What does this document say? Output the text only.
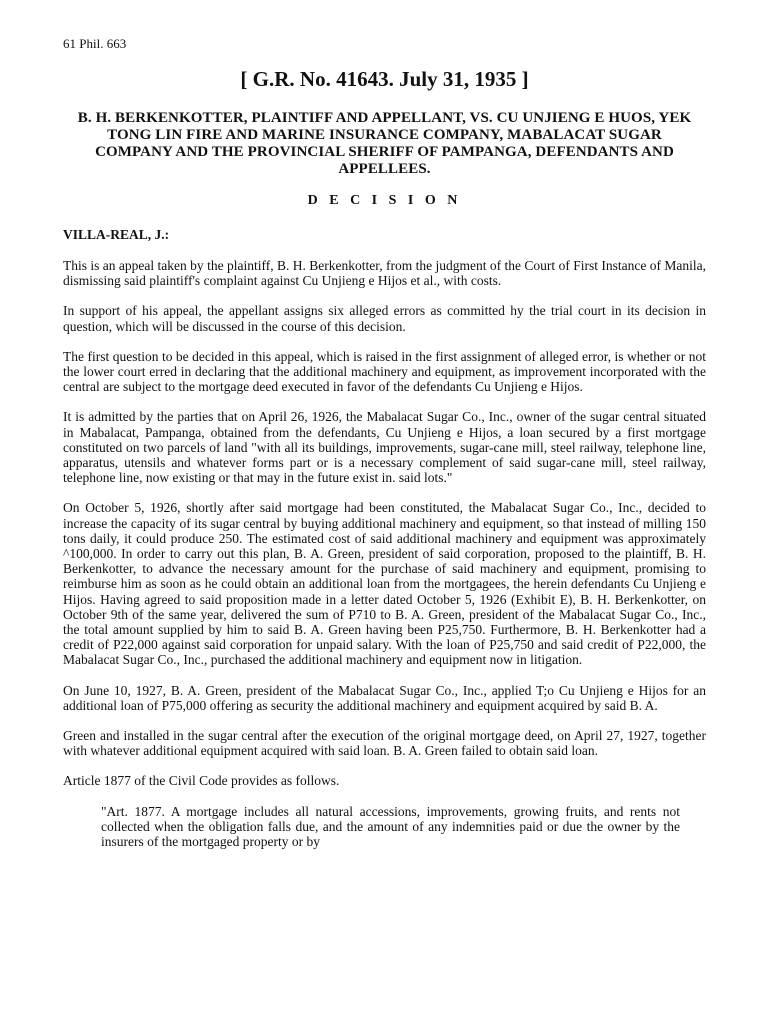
61 Phil. 663
[ G.R. No. 41643. July 31, 1935 ]
B. H. BERKENKOTTER, PLAINTIFF AND APPELLANT, VS. CU UNJIENG E HUOS, YEK TONG LIN FIRE AND MARINE INSURANCE COMPANY, MABALACAT SUGAR COMPANY AND THE PROVINCIAL SHERIFF OF PAMPANGA, DEFENDANTS AND APPELLEES.
D E C I S I O N
VILLA-REAL, J.:

This is an appeal taken by the plaintiff, B. H. Berkenkotter, from the judgment of the Court of First Instance of Manila, dismissing said plaintiff's complaint against Cu Unjieng e Hijos et al., with costs.

In support of his appeal, the appellant assigns six alleged errors as committed hy the trial court in its decision in question, which will be discussed in the course of this decision.

The first question to be decided in this appeal, which is raised in the first assignment of alleged error, is whether or not the lower court erred in declaring that the additional machinery and equipment, as improvement incorporated with the central are subject to the mortgage deed executed in favor of the defendants Cu Unjieng e Hijos.

It is admitted by the parties that on April 26, 1926, the Mabalacat Sugar Co., Inc., owner of the sugar central situated in Mabalacat, Pampanga, obtained from the defendants, Cu Unjieng e Hijos, a loan secured by a first mortgage constituted on two parcels of land "with all its buildings, improvements, sugar-cane mill, steel railway, telephone line, apparatus, utensils and whatever forms part or is a necessary complement of said sugar-cane mill, steel railway, telephone line, now existing or that may in the future exist in. said lots."

On October 5, 1926, shortly after said mortgage had been constituted, the Mabalacat Sugar Co., Inc., decided to increase the capacity of its sugar central by buying additional machinery and equipment, so that instead of milling 150 tons daily, it could produce 250. The estimated cost of said additional machinery and equipment was approximately ^100,000. In order to carry out this plan, B. A. Green, president of said corporation, proposed to the plaintiff, B. H. Berkenkotter, to advance the necessary amount for the purchase of said machinery and equipment, promising to reimburse him as soon as he could obtain an additional loan from the mortgagees, the herein defendants Cu Unjieng e Hijos. Having agreed to said proposition made in a letter dated October 5, 1926 (Exhibit E), B. H. Berkenkotter, on October 9th of the same year, delivered the sum of P710 to B. A. Green, president of the Mabalacat Sugar Co., Inc., the total amount supplied by him to said B. A. Green having been P25,750. Furthermore, B. H. Berkenkotter had a credit of P22,000 against said corporation for unpaid salary. With the loan of P25,750 and said credit of P22,000, the Mabalacat Sugar Co., Inc., purchased the additional machinery and equipment now in litigation.

On June 10, 1927, B. A. Green, president of the Mabalacat Sugar Co., Inc., applied T;o Cu Unjieng e Hijos for an additional loan of P75,000 offering as security the additional machinery and equipment acquired by said B. A.

Green and installed in the sugar central after the execution of the original mortgage deed, on April 27, 1927, together with whatever additional equipment acquired with said loan. B. A. Green failed to obtain said loan.

Article 1877 of the Civil Code provides as follows.

"Art. 1877. A mortgage includes all natural accessions, improvements, growing fruits, and rents not collected when the obligation falls due, and the amount of any indemnities paid or due the owner by the insurers of the mortgaged property or by
